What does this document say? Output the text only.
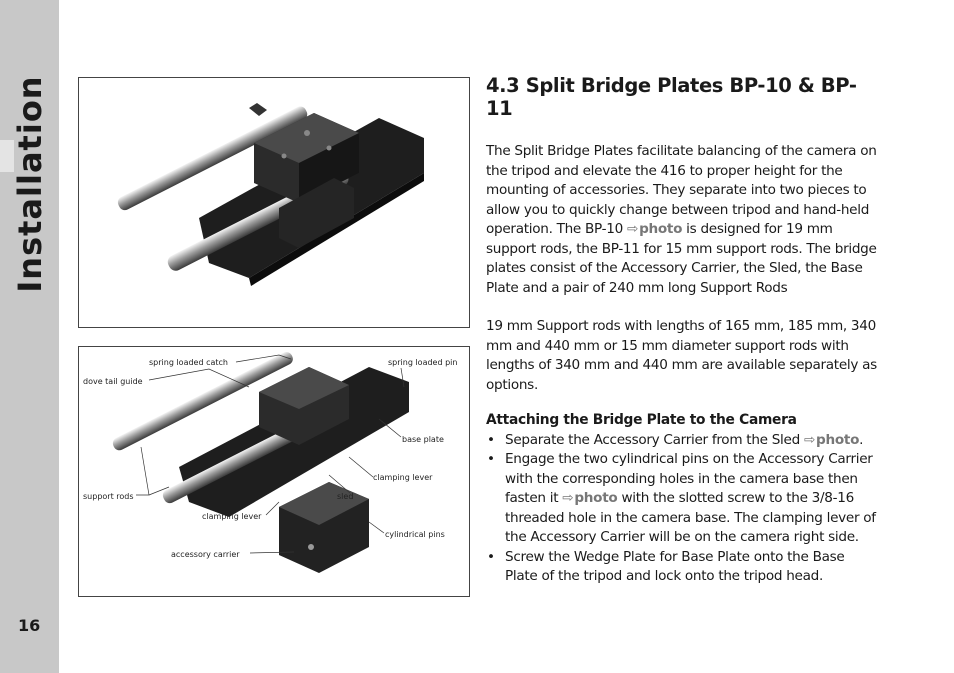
Installation
16
spring loaded catch	spring loaded pin
dove tail guide
base plate
clamping lever
support rods	sled
clamping lever
cylindrical pins
accessory carrier
4.3 Split Bridge Plates BP-10 & BP-11

The Split Bridge Plates facilitate balancing of the camera on the tripod and elevate the 416 to proper height for the mounting of accessories. They separate into two pieces to allow you to quickly change between tripod and hand-held operation. The BP-10 ⇨photo is designed for 19 mm support rods, the BP-11 for 15 mm support rods. The bridge plates consist of the Accessory Carrier, the Sled, the Base Plate and a pair of 240 mm long Support Rods

19 mm Support rods with lengths of 165 mm, 185 mm, 340 mm and 440 mm or 15 mm diameter support rods with lengths of 340 mm and 440 mm are available separately as options.

Attaching the Bridge Plate to the Camera
• Separate the Accessory Carrier from the Sled ⇨photo.
• Engage the two cylindrical pins on the Accessory Carrier with the corresponding holes in the camera base then fasten it ⇨photo with the slotted screw to the 3/8-16 threaded hole in the camera base. The clamping lever of the Accessory Carrier will be on the camera right side.
• Screw the Wedge Plate for Base Plate onto the Base Plate of the tripod and lock onto the tripod head.
